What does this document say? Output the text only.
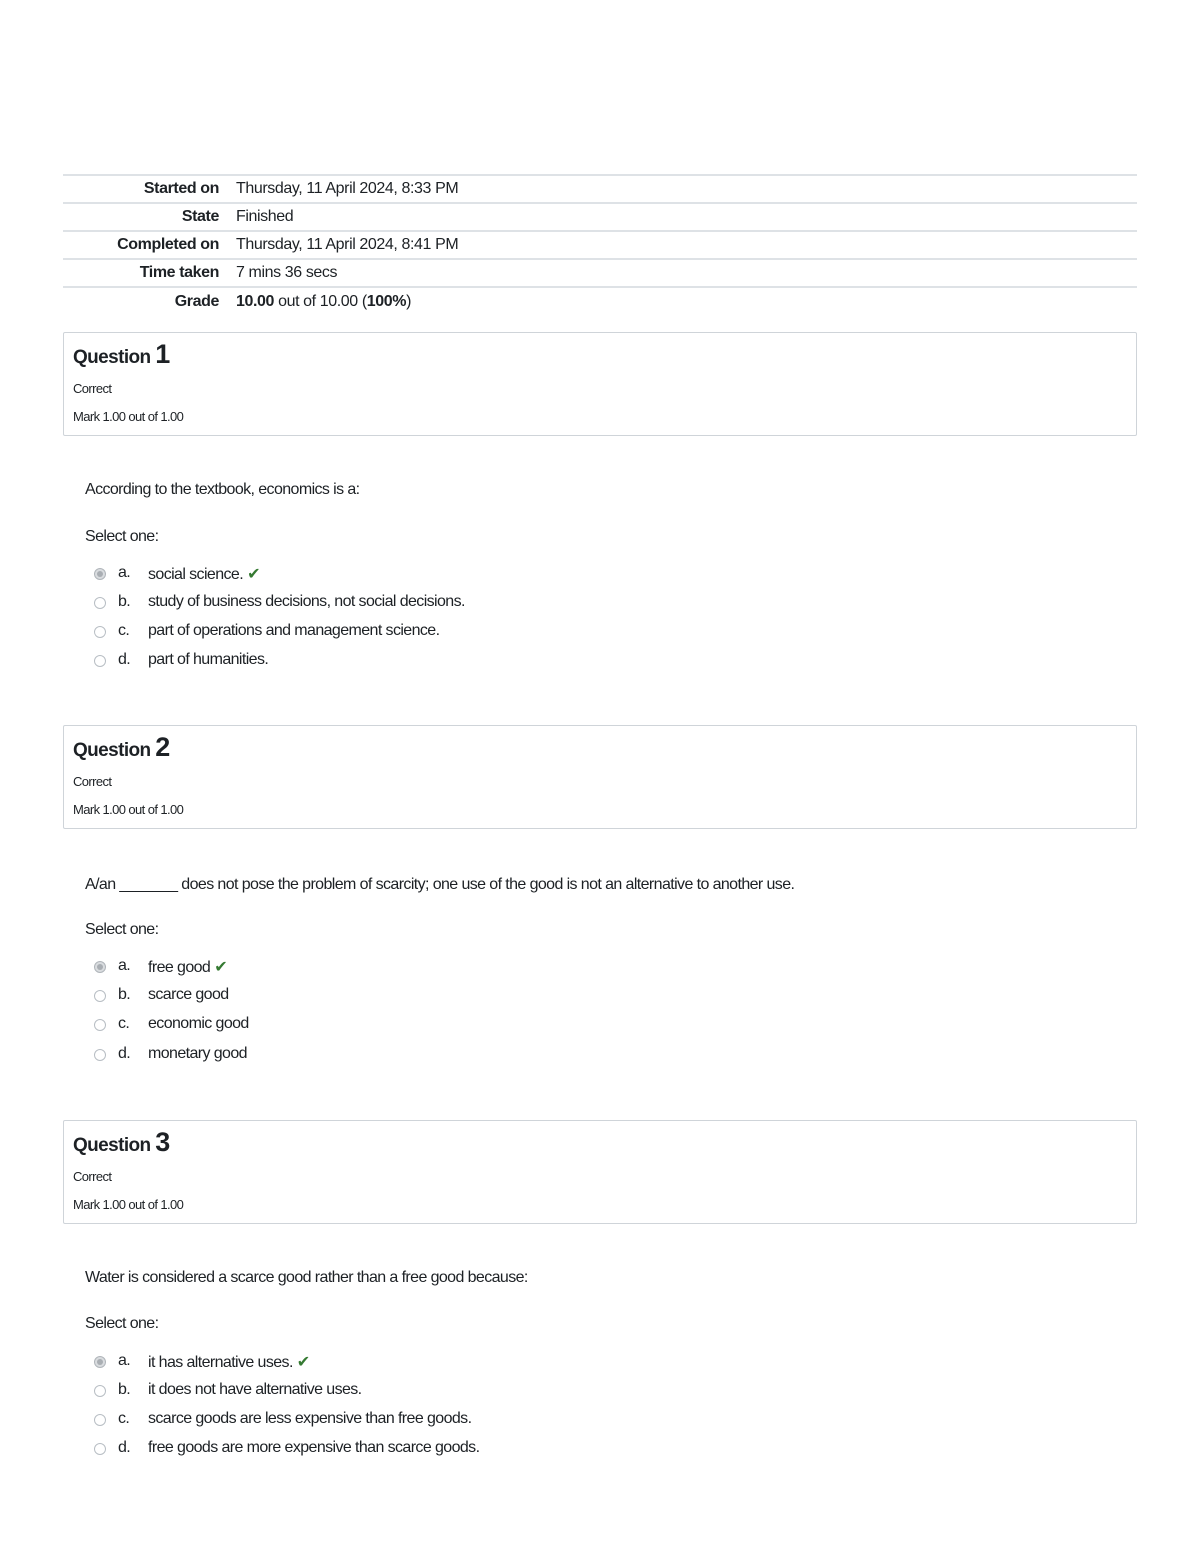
Started on	Thursday, 11 April 2024, 8:33 PM
State	Finished
Completed on	Thursday, 11 April 2024, 8:41 PM
Time taken	7 mins 36 secs
Grade	10.00 out of 10.00 (100%)
Question 1
Correct
Mark 1.00 out of 1.00
According to the textbook, economics is a:
Select one:
a. social science. ✔
b. study of business decisions, not social decisions.
c. part of operations and management science.
d. part of humanities.
Question 2
Correct
Mark 1.00 out of 1.00
A/an _______ does not pose the problem of scarcity; one use of the good is not an alternative to another use.
Select one:
a. free good ✔
b. scarce good
c. economic good
d. monetary good
Question 3
Correct
Mark 1.00 out of 1.00
Water is considered a scarce good rather than a free good because:
Select one:
a. it has alternative uses. ✔
b. it does not have alternative uses.
c. scarce goods are less expensive than free goods.
d. free goods are more expensive than scarce goods.
